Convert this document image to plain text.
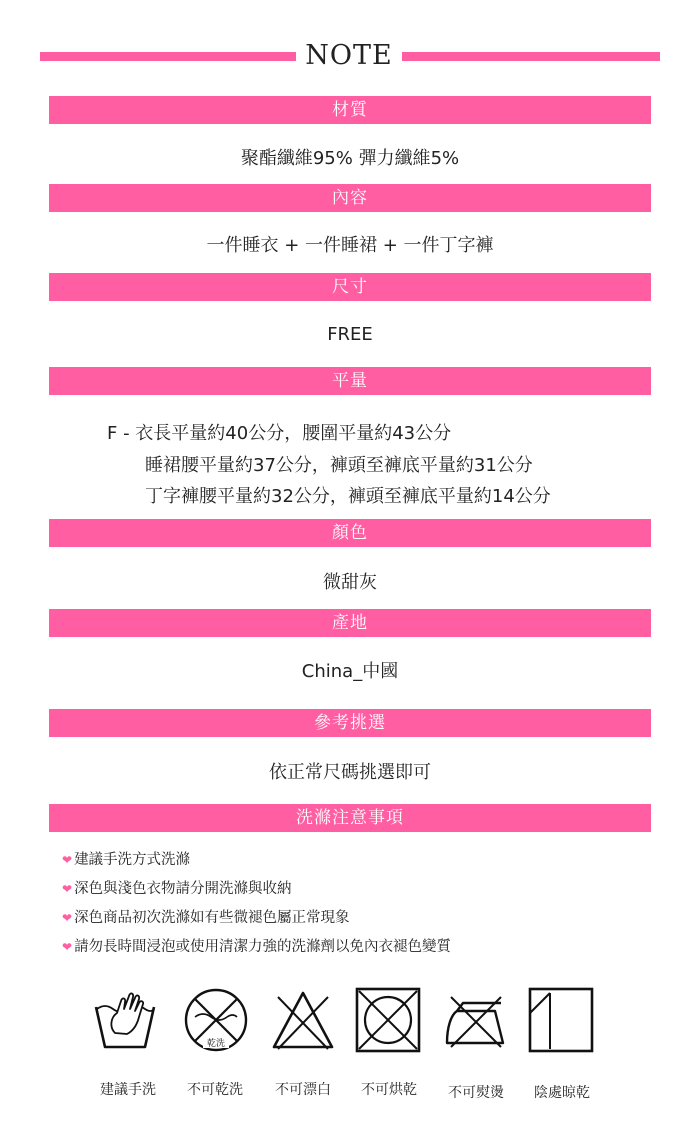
NOTE
材質
聚酯纖維95% 彈力纖維5%
內容
一件睡衣 + 一件睡裙 + 一件丁字褲
尺寸
FREE
平量
F - 衣長平量約40公分，腰圍平量約43公分
睡裙腰平量約37公分，褲頭至褲底平量約31公分
丁字褲腰平量約32公分，褲頭至褲底平量約14公分
顏色
微甜灰
產地
China_中國
參考挑選
依正常尺碼挑選即可
洗滌注意事項
❤ 建議手洗方式洗滌
❤ 深色與淺色衣物請分開洗滌與收納
❤ 深色商品初次洗滌如有些微褪色屬正常現象
❤ 請勿長時間浸泡或使用清潔力強的洗滌劑以免內衣褪色變質
乾洗
建議手洗	不可乾洗	不可漂白	不可烘乾	不可熨燙	陰處晾乾
